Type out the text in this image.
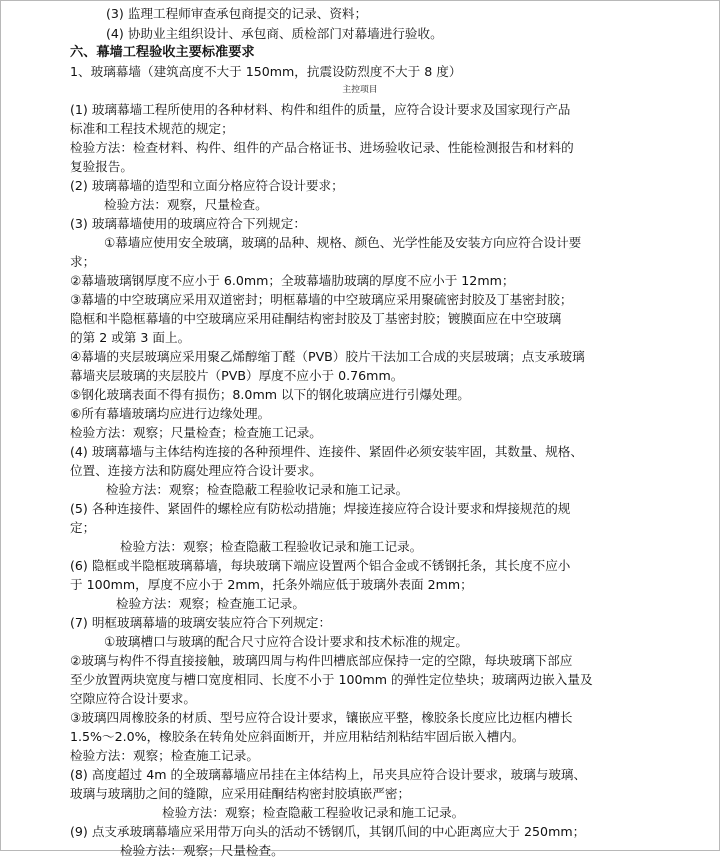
(3) 监理工程师审查承包商提交的记录、资料；
(4) 协助业主组织设计、承包商、质检部门对幕墙进行验收。
六、幕墙工程验收主要标准要求
1、玻璃幕墙（建筑高度不大于 150mm，抗震设防烈度不大于 8 度）
主控项目
(1) 玻璃幕墙工程所使用的各种材料、构件和组件的质量，应符合设计要求及国家现行产品
标准和工程技术规范的规定；
检验方法：检查材料、构件、组件的产品合格证书、进场验收记录、性能检测报告和材料的
复验报告。
(2) 玻璃幕墙的造型和立面分格应符合设计要求；
检验方法：观察，尺量检查。
(3) 玻璃幕墙使用的玻璃应符合下列规定：
①幕墙应使用安全玻璃，玻璃的品种、规格、颜色、光学性能及安装方向应符合设计要
求；
②幕墙玻璃钢厚度不应小于 6.0mm；全玻幕墙肋玻璃的厚度不应小于 12mm；
③幕墙的中空玻璃应采用双道密封；明框幕墙的中空玻璃应采用聚硫密封胶及丁基密封胶；
隐框和半隐框幕墙的中空玻璃应采用硅酮结构密封胶及丁基密封胶；镀膜面应在中空玻璃
的第 2 或第 3 面上。
④幕墙的夹层玻璃应采用聚乙烯醇缩丁醛（PVB）胶片干法加工合成的夹层玻璃；点支承玻璃
幕墙夹层玻璃的夹层胶片（PVB）厚度不应小于 0.76mm。
⑤钢化玻璃表面不得有损伤；8.0mm 以下的钢化玻璃应进行引爆处理。
⑥所有幕墙玻璃均应进行边缘处理。
检验方法：观察；尺量检查；检查施工记录。
(4) 玻璃幕墙与主体结构连接的各种预埋件、连接件、紧固件必须安装牢固，其数量、规格、
位置、连接方法和防腐处理应符合设计要求。
检验方法：观察；检查隐蔽工程验收记录和施工记录。
(5) 各种连接件、紧固件的螺栓应有防松动措施；焊接连接应符合设计要求和焊接规范的规
定；
检验方法：观察；检查隐蔽工程验收记录和施工记录。
(6) 隐框或半隐框玻璃幕墙，每块玻璃下端应设置两个铝合金或不锈钢托条，其长度不应小
于 100mm，厚度不应小于 2mm，托条外端应低于玻璃外表面 2mm；
检验方法：观察；检查施工记录。
(7) 明框玻璃幕墙的玻璃安装应符合下列规定：
①玻璃槽口与玻璃的配合尺寸应符合设计要求和技术标准的规定。
②玻璃与构件不得直接接触，玻璃四周与构件凹槽底部应保持一定的空隙，每块玻璃下部应
至少放置两块宽度与槽口宽度相同、长度不小于 100mm 的弹性定位垫块；玻璃两边嵌入量及
空隙应符合设计要求。
③玻璃四周橡胶条的材质、型号应符合设计要求，镶嵌应平整，橡胶条长度应比边框内槽长
1.5%～2.0%，橡胶条在转角处应斜面断开，并应用粘结剂粘结牢固后嵌入槽内。
检验方法：观察；检查施工记录。
(8) 高度超过 4m 的全玻璃幕墙应吊挂在主体结构上，吊夹具应符合设计要求，玻璃与玻璃、
玻璃与玻璃肋之间的缝隙，应采用硅酮结构密封胶填嵌严密；
检验方法：观察；检查隐蔽工程验收记录和施工记录。
(9) 点支承玻璃幕墙应采用带万向头的活动不锈钢爪，其钢爪间的中心距离应大于 250mm；
检验方法：观察；尺量检查。
